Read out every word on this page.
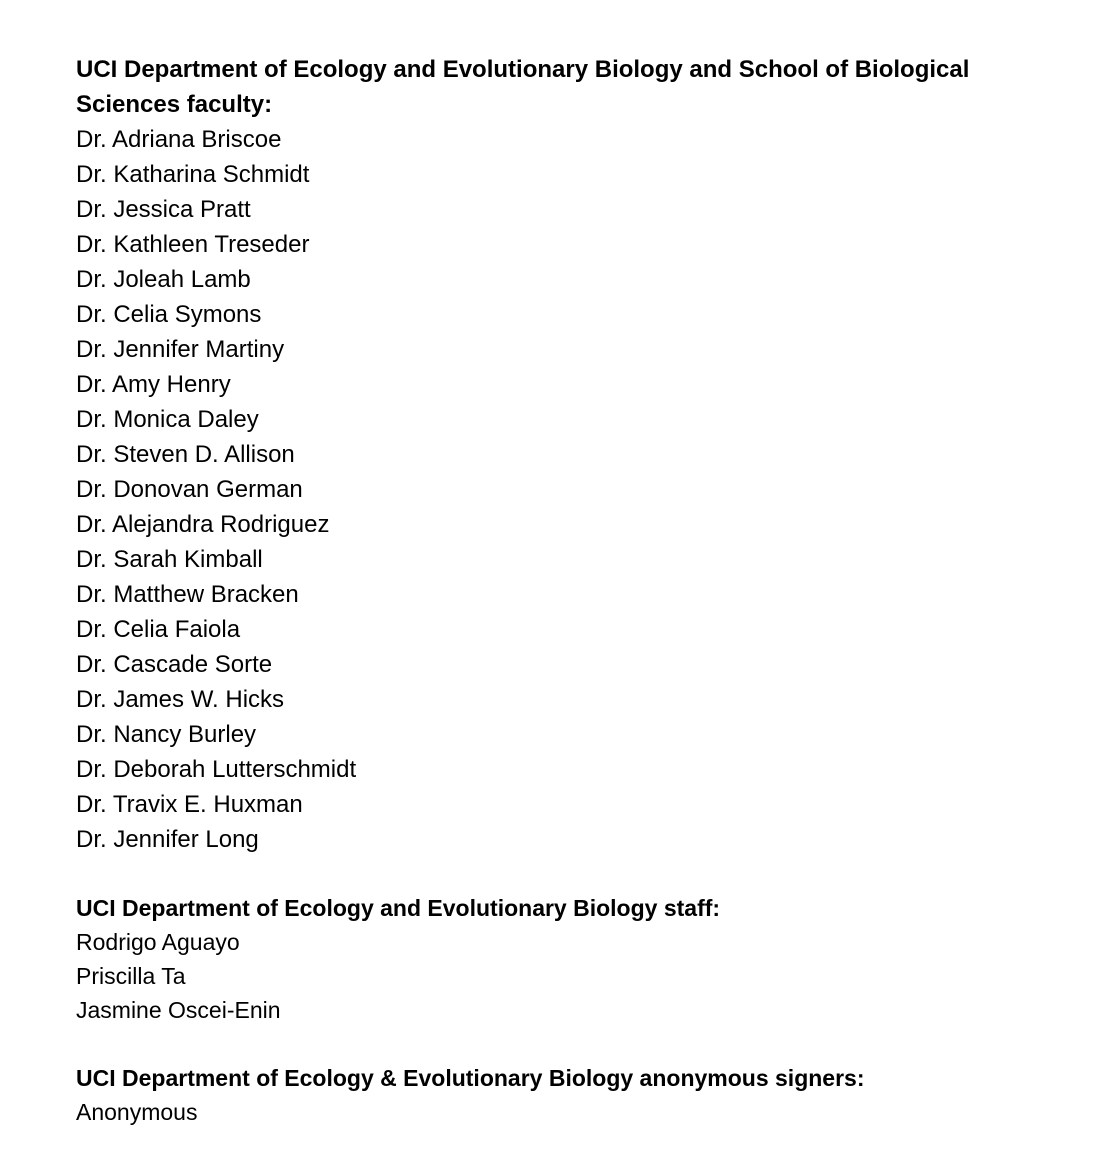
UCI Department of Ecology and Evolutionary Biology and School of Biological Sciences faculty:

Dr. Adriana Briscoe
Dr. Katharina Schmidt
Dr. Jessica Pratt
Dr. Kathleen Treseder
Dr. Joleah Lamb
Dr. Celia Symons
Dr. Jennifer Martiny
Dr. Amy Henry
Dr. Monica Daley
Dr. Steven D. Allison
Dr. Donovan German
Dr. Alejandra Rodriguez
Dr. Sarah Kimball
Dr. Matthew Bracken
Dr. Celia Faiola
Dr. Cascade Sorte
Dr. James W. Hicks
Dr. Nancy Burley
Dr. Deborah Lutterschmidt
Dr. Travix E. Huxman
Dr. Jennifer Long

UCI Department of Ecology and Evolutionary Biology staff:

Rodrigo Aguayo
Priscilla Ta
Jasmine Oscei-Enin

UCI Department of Ecology & Evolutionary Biology anonymous signers:

Anonymous
